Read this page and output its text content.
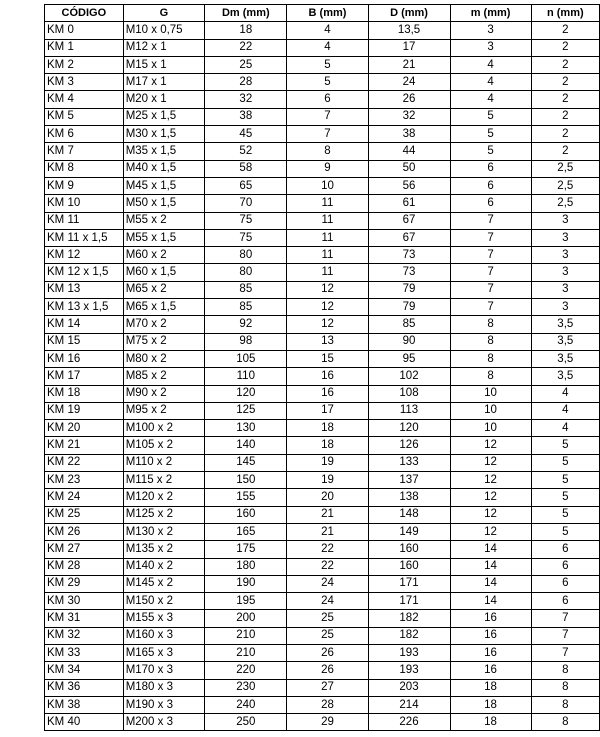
CÓDIGO	G	Dm (mm)	B (mm)	D (mm)	m (mm)	n (mm)
KM 0	M10 x 0,75	18	4	13,5	3	2
KM 1	M12 x 1	22	4	17	3	2
KM 2	M15 x 1	25	5	21	4	2
KM 3	M17 x 1	28	5	24	4	2
KM 4	M20 x 1	32	6	26	4	2
KM 5	M25 x 1,5	38	7	32	5	2
KM 6	M30 x 1,5	45	7	38	5	2
KM 7	M35 x 1,5	52	8	44	5	2
KM 8	M40 x 1,5	58	9	50	6	2,5
KM 9	M45 x 1,5	65	10	56	6	2,5
KM 10	M50 x 1,5	70	11	61	6	2,5
KM 11	M55 x 2	75	11	67	7	3
KM 11 x 1,5	M55 x 1,5	75	11	67	7	3
KM 12	M60 x 2	80	11	73	7	3
KM 12 x 1,5	M60 x 1,5	80	11	73	7	3
KM 13	M65 x 2	85	12	79	7	3
KM 13 x 1,5	M65 x 1,5	85	12	79	7	3
KM 14	M70 x 2	92	12	85	8	3,5
KM 15	M75 x 2	98	13	90	8	3,5
KM 16	M80 x 2	105	15	95	8	3,5
KM 17	M85 x 2	110	16	102	8	3,5
KM 18	M90 x 2	120	16	108	10	4
KM 19	M95 x 2	125	17	113	10	4
KM 20	M100 x 2	130	18	120	10	4
KM 21	M105 x 2	140	18	126	12	5
KM 22	M110 x 2	145	19	133	12	5
KM 23	M115 x 2	150	19	137	12	5
KM 24	M120 x 2	155	20	138	12	5
KM 25	M125 x 2	160	21	148	12	5
KM 26	M130 x 2	165	21	149	12	5
KM 27	M135 x 2	175	22	160	14	6
KM 28	M140 x 2	180	22	160	14	6
KM 29	M145 x 2	190	24	171	14	6
KM 30	M150 x 2	195	24	171	14	6
KM 31	M155 x 3	200	25	182	16	7
KM 32	M160 x 3	210	25	182	16	7
KM 33	M165 x 3	210	26	193	16	7
KM 34	M170 x 3	220	26	193	16	8
KM 36	M180 x 3	230	27	203	18	8
KM 38	M190 x 3	240	28	214	18	8
KM 40	M200 x 3	250	29	226	18	8
